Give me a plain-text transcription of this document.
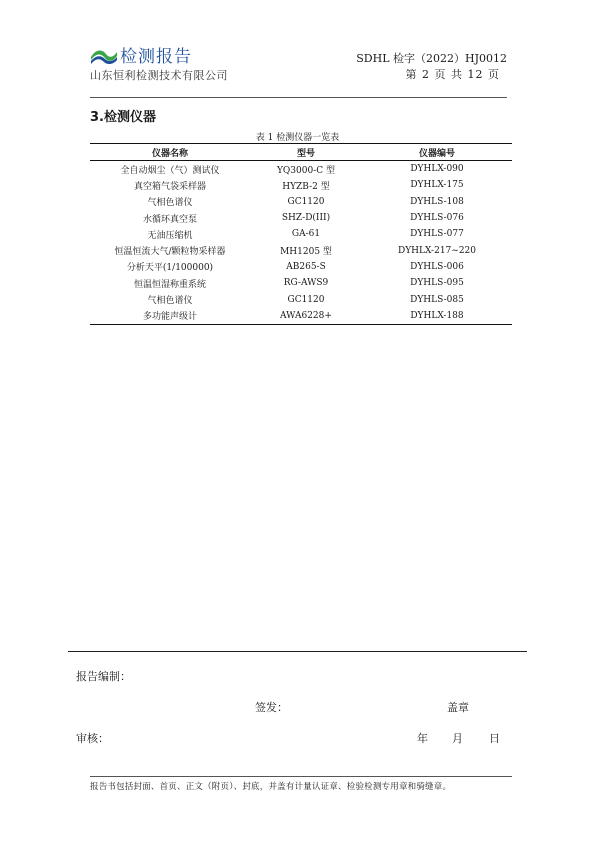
检测报告
山东恒利检测技术有限公司
SDHL 检字（2022）HJ0012
第 2 页 共 12 页
3.检测仪器
表 1 检测仪器一览表
仪器名称	型号	仪器编号
全自动烟尘（气）测试仪	YQ3000-C 型	DYHLX-090
真空箱气袋采样器	HYZB-2 型	DYHLX-175
气相色谱仪	GC1120	DYHLS-108
水循环真空泵	SHZ-D(III)	DYHLS-076
无油压缩机	GA-61	DYHLS-077
恒温恒流大气/颗粒物采样器	MH1205 型	DYHLX-217~220
分析天平(1/100000)	AB265-S	DYHLS-006
恒温恒湿称重系统	RG-AWS9	DYHLS-095
气相色谱仪	GC1120	DYHLS-085
多功能声级计	AWA6228+	DYHLX-188
报告编制：
签发：	盖章
审核：	年 月 日
报告书包括封面、首页、正文（附页）、封底，并盖有计量认证章、检验检测专用章和骑缝章。
